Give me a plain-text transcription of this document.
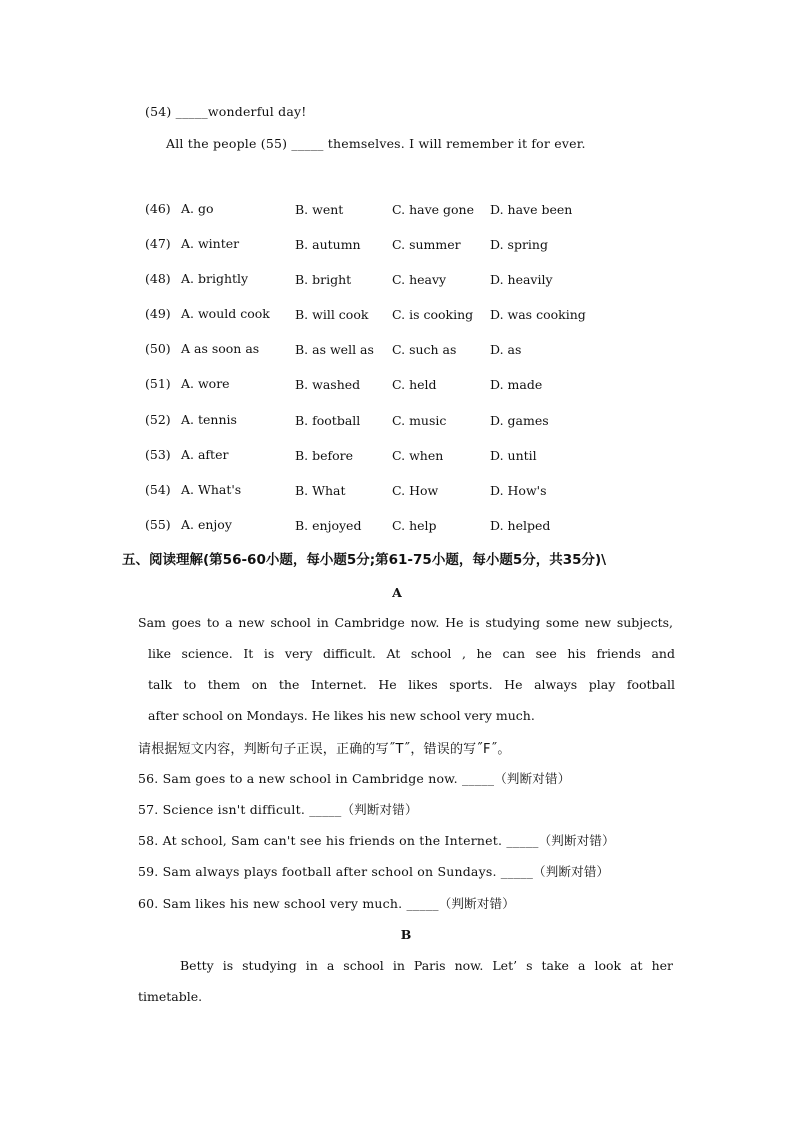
(54) _____wonderful day!
All the people (55) _____ themselves. I will remember it for ever.
(46) A. go	B. went	C. have gone D. have been
(47) A. winter	B. autumn	C. summer D. spring
(48) A. brightly	B. bright	C. heavy	D. heavily
(49) A. would cook B. will cook C. is cooking D. was cooking
(50) A as soon as	B. as well as C. such as	D. as
(51) A. wore	B. washed	C. held	D. made
(52) A. tennis	B. football	C. music	D. games
(53) A. after	B. before	C. when	D. until
(54) A. What's	B. What	C. How	D. How's
(55) A. enjoy	B. enjoyed C. help	D. helped
五、阅读理解(第56-60小题，每小题5分;第61-75小题，每小题5分，共35分)\
A
Sam goes to a new school in Cambridge now. He is studying some new subjects,
like science. It is very difficult. At school , he can see his friends and
talk to them on the Internet. He likes sports. He always play football
after school on Mondays. He likes his new school very much.
请根据短文内容，判断句子正误，正确的写˝T˝，错误的写˝F˝。
56. Sam goes to a new school in Cambridge now. _____（判断对错）
57. Science isn't difficult. _____（判断对错）
58. At school, Sam can't see his friends on the Internet. _____（判断对错）
59. Sam always plays football after school on Sundays. _____（判断对错）
60. Sam likes his new school very much. _____（判断对错）
B
Betty is studying in a school in Paris now. Let’ s take a look at her
timetable.
